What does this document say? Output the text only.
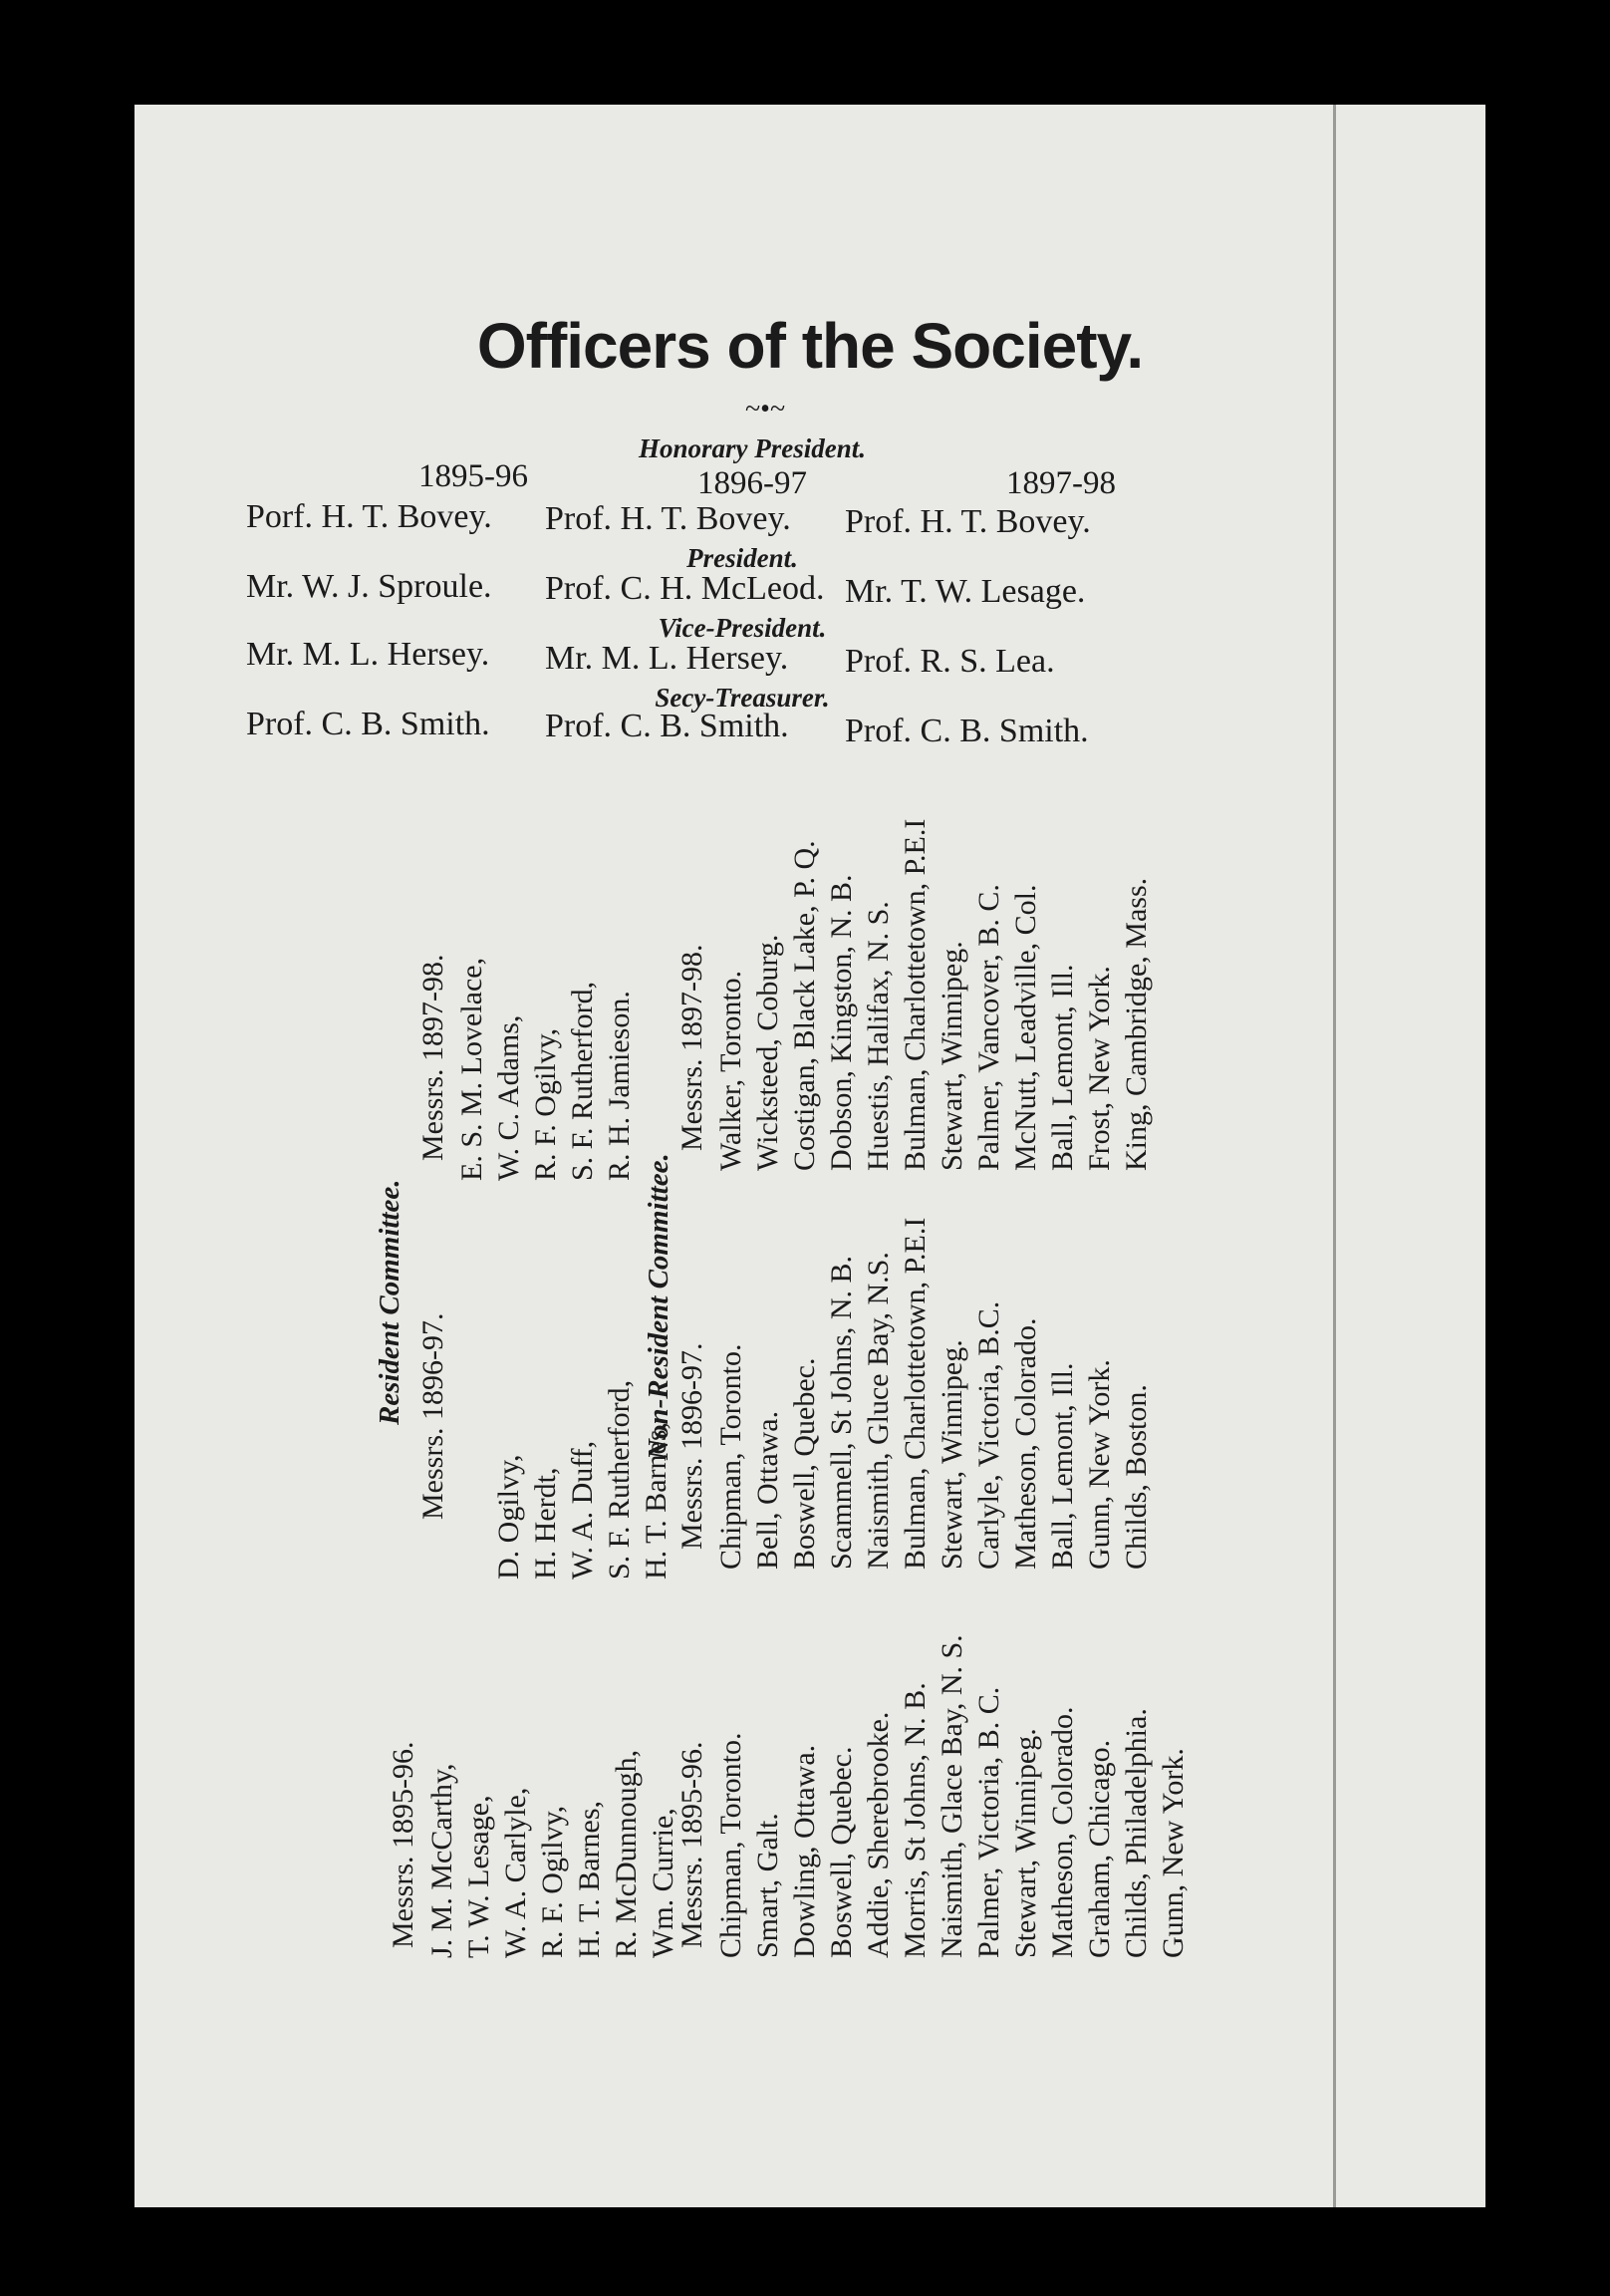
Officers of the Society.
~•~
Honorary President.
1895-96	1896-97	1897-98
Porf. H. T. Bovey. Prof. H. T. Bovey. Prof. H. T. Bovey.
President.
Mr. W. J. Sproule. Prof. C. H. McLeod. Mr. T. W. Lesage.
Vice-President.
Mr. M. L. Hersey. Mr. M. L. Hersey. Prof. R. S. Lea.
Secy-Treasurer.
Prof. C. B. Smith. Prof. C. B. Smith. Prof. C. B. Smith.
Resident Committee.
Messrs. 1895-96. J. M. McCarthy, T. W. Lesage, W. A. Carlyle, R. F. Ogilvy, H. T. Barnes, R. McDunnough, Wm. Currie,
Messrs. 1896-97. D. Ogilvy, H. Herdt, W. A. Duff, S. F. Rutherford, H. T. Barnes,
Messrs. 1897-98. E. S. M. Lovelace, W. C. Adams, R. F. Ogilvy, S. F. Rutherford, R. H. Jamieson.
Non-Resident Committee.
Messrs. 1895-96. Chipman, Toronto. Smart, Galt. Dowling, Ottawa. Boswell, Quebec. Addie, Sherebrooke. Morris, St Johns, N. B. Naismith, Glace Bay, N. S. Palmer, Victoria, B. C. Stewart, Winnipeg. Matheson, Colorado. Graham, Chicago. Childs, Philadelphia. Gunn, New York.
Messrs. 1896-97. Chipman, Toronto. Bell, Ottawa. Boswell, Quebec. Scammell, St Johns, N. B. Naismith, Gluce Bay, N.S. Bulman, Charlottetown, P.E.I Stewart, Winnipeg. Carlyle, Victoria, B.C. Matheson, Colorado. Ball, Lemont, Ill. Gunn, New York. Childs, Boston.
Messrs. 1897-98. Walker, Toronto. Wicksteed, Coburg. Costigan, Black Lake, P. Q. Dobson, Kingston, N. B. Huestis, Halifax, N. S. Bulman, Charlottetown, P.E.I Stewart, Winnipeg. Palmer, Vancover, B. C. McNutt, Leadville, Col. Ball, Lemont, Ill. Frost, New York. King, Cambridge, Mass.
